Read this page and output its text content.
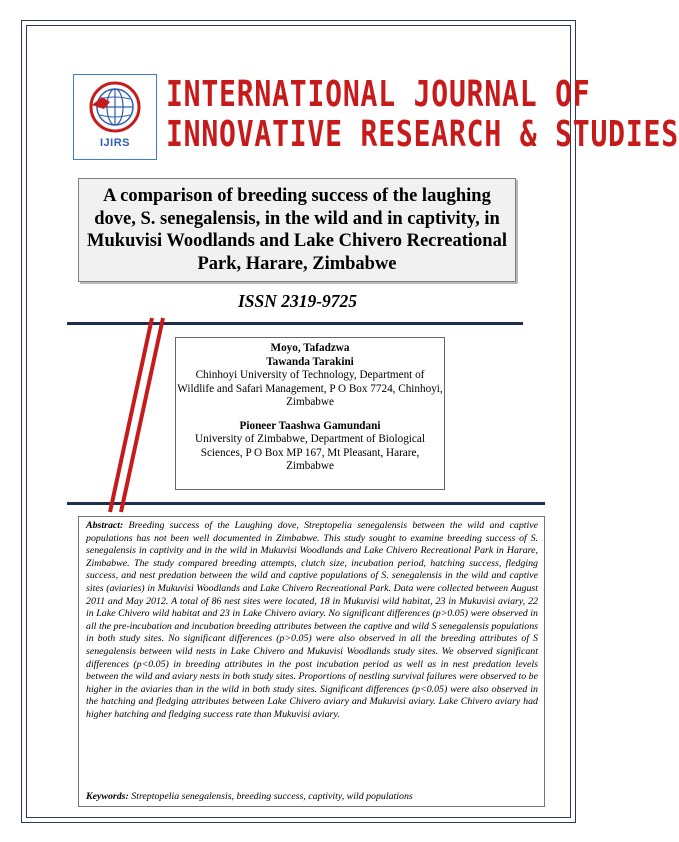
IJIRS
INTERNATIONAL JOURNAL OF
INNOVATIVE RESEARCH & STUDIES
A comparison of breeding success of the laughing dove, S. senegalensis, in the wild and in captivity, in Mukuvisi Woodlands and Lake Chivero Recreational Park, Harare, Zimbabwe
ISSN 2319-9725
Moyo, Tafadzwa
Tawanda Tarakini
Chinhoyi University of Technology, Department of Wildlife and Safari Management, P O Box 7724, Chinhoyi, Zimbabwe
Pioneer Taashwa Gamundani
University of Zimbabwe, Department of Biological Sciences, P O Box MP 167, Mt Pleasant, Harare, Zimbabwe
Abstract: Breeding success of the Laughing dove, Streptopelia senegalensis between the wild and captive populations has not been well documented in Zimbabwe. This study sought to examine breeding success of S. senegalensis in captivity and in the wild in Mukuvisi Woodlands and Lake Chivero Recreational Park in Harare, Zimbabwe. The study compared breeding attempts, clutch size, incubation period, hatching success, fledging success, and nest predation between the wild and captive populations of S. senegalensis in the wild and captive sites (aviaries) in Mukuvisi Woodlands and Lake Chivero Recreational Park. Data were collected between August 2011 and May 2012. A total of 86 nest sites were located, 18 in Mukuvisi wild habitat, 23 in Mukuvisi aviary, 22 in Lake Chivero wild habitat and 23 in Lake Chivero aviary. No significant differences (p>0.05) were observed in all the pre-incubation and incubation breeding attributes between the captive and wild S senegalensis populations in both study sites. No significant differences (p>0.05) were also observed in all the breeding attributes of S senegalensis between wild nests in Lake Chivero and Mukuvisi Woodlands study sites. We observed significant differences (p<0.05) in breeding attributes in the post incubation period as well as in nest predation levels between the wild and aviary nests in both study sites. Proportions of nestling survival failures were observed to be higher in the aviaries than in the wild in both study sites. Significant differences (p<0.05) were also observed in the hatching and fledging attributes between Lake Chivero aviary and Mukuvisi aviary. Lake Chivero aviary had higher hatching and fledging success rate than Mukuvisi aviary.
Keywords: Streptopelia senegalensis, breeding success, captivity, wild populations
